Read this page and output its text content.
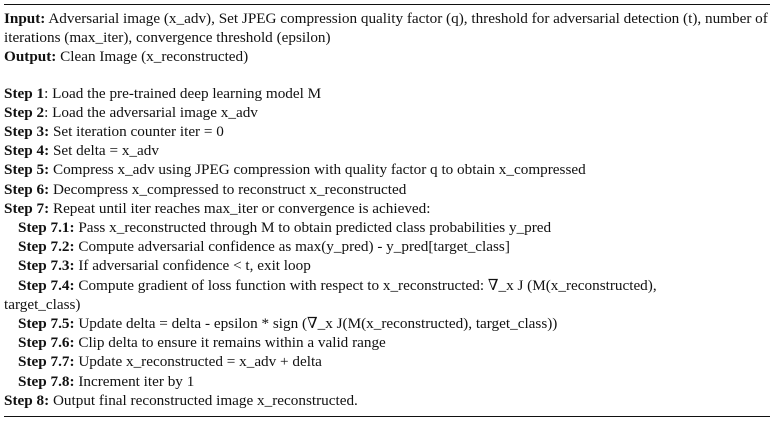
Input: Adversarial image (x_adv), Set JPEG compression quality factor (q), threshold for adversarial detection (t), number of iterations (max_iter), convergence threshold (epsilon)
Output: Clean Image (x_reconstructed)
Step 1: Load the pre-trained deep learning model M
Step 2: Load the adversarial image x_adv
Step 3: Set iteration counter iter = 0
Step 4: Set delta = x_adv
Step 5: Compress x_adv using JPEG compression with quality factor q to obtain x_compressed
Step 6: Decompress x_compressed to reconstruct x_reconstructed
Step 7: Repeat until iter reaches max_iter or convergence is achieved:
Step 7.1: Pass x_reconstructed through M to obtain predicted class probabilities y_pred
Step 7.2: Compute adversarial confidence as max(y_pred) - y_pred[target_class]
Step 7.3: If adversarial confidence < t, exit loop
Step 7.4: Compute gradient of loss function with respect to x_reconstructed: ∇_x J (M(x_reconstructed),
target_class)
Step 7.5: Update delta = delta - epsilon * sign (∇_x J(M(x_reconstructed), target_class))
Step 7.6: Clip delta to ensure it remains within a valid range
Step 7.7: Update x_reconstructed = x_adv + delta
Step 7.8: Increment iter by 1
Step 8: Output final reconstructed image x_reconstructed.
